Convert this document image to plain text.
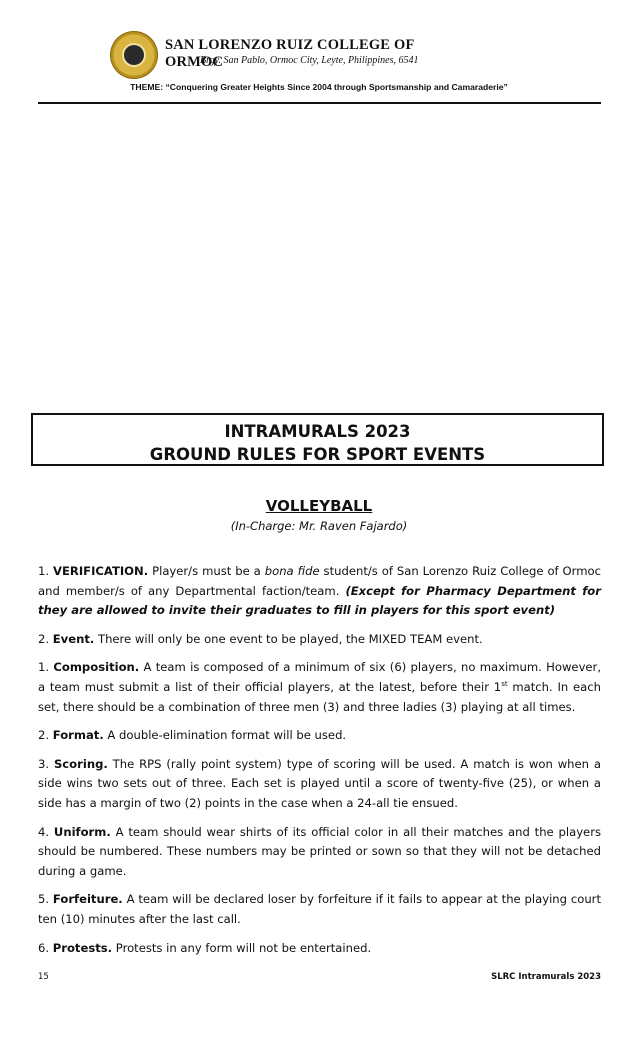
SAN LORENZO RUIZ COLLEGE OF ORMOC
Brgy. San Pablo, Ormoc City, Leyte, Philippines, 6541
THEME: “Conquering Greater Heights Since 2004 through Sportsmanship and Camaraderie”
INTRAMURALS 2023
GROUND RULES FOR SPORT EVENTS
VOLLEYBALL
(In-Charge: Mr. Raven Fajardo)

1. VERIFICATION. Player/s must be a bona fide student/s of San Lorenzo Ruiz College of Ormoc and member/s of any Departmental faction/team. (Except for Pharmacy Department for they are allowed to invite their graduates to fill in players for this sport event)

2. Event. There will only be one event to be played, the MIXED TEAM event.

1. Composition. A team is composed of a minimum of six (6) players, no maximum. However, a team must submit a list of their official players, at the latest, before their 1st match. In each set, there should be a combination of three men (3) and three ladies (3) playing at all times.

2. Format. A double-elimination format will be used.

3. Scoring. The RPS (rally point system) type of scoring will be used. A match is won when a side wins two sets out of three. Each set is played until a score of twenty-five (25), or when a side has a margin of two (2) points in the case when a 24-all tie ensued.

4. Uniform. A team should wear shirts of its official color in all their matches and the players should be numbered. These numbers may be printed or sown so that they will not be detached during a game.

5. Forfeiture. A team will be declared loser by forfeiture if it fails to appear at the playing court ten (10) minutes after the last call.

6. Protests. Protests in any form will not be entertained.

15	SLRC Intramurals 2023
